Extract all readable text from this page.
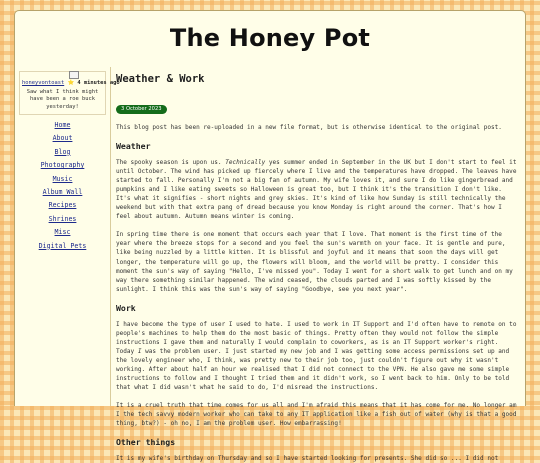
The Honey Pot
honeyvontoast ⭐ 4 minutes ago
Saw what I think might have been a roe buck yesterday!
Home
About
Blog
Photography
Music
Album Wall
Recipes
Shrines
Misc
Digital Pets
Weather & Work
3 October 2023

This blog post has been re-uploaded in a new file format, but is otherwise identical to the original post.

Weather

The spooky season is upon us. Technically yes summer ended in September in the UK but I don't start to feel it until October. The wind has picked up fiercely where I live and the temperatures have dropped. The leaves have started to fall. Personally I'm not a big fan of autumn. My wife loves it, and sure I do like gingerbread and pumpkins and I like eating sweets so Halloween is great too, but I think it's the transition I don't like. It's what it signifies - short nights and grey skies. It's kind of like how Sunday is still technically the weekend but with that extra pang of dread because you know Monday is right around the corner. That's how I feel about autumn. Autumn means winter is coming.

In spring time there is one moment that occurs each year that I love. That moment is the first time of the year where the breeze stops for a second and you feel the sun's warmth on your face. It is gentle and pure, like being nuzzled by a little kitten. It is blissful and joyful and it means that soon the days will get longer, the temperature will go up, the flowers will bloom, and the world will be pretty. I consider this moment the sun's way of saying "Hello, I've missed you". Today I went for a short walk to get lunch and on my way there something similar happened. The wind ceased, the clouds parted and I was softly kissed by the sunlight. I think this was the sun's way of saying "Goodbye, see you next year".

Work

I have become the type of user I used to hate. I used to work in IT Support and I'd often have to remote on to people's machines to help them do the most basic of things. Pretty often they would not follow the simple instructions I gave them and naturally I would complain to coworkers, as is an IT Support worker's right. Today I was the problem user. I just started my new job and I was getting some access permissions set up and the lovely engineer who, I think, was pretty new to their job too, just couldn't figure out why it wasn't working. After about half an hour we realised that I did not connect to the VPN. He also gave me some simple instructions to follow and I thought I tried them and it didn't work, so I went back to him. Only to be told that what I did wasn't what he said to do, I'd misread the instructions.

It is a cruel truth that time comes for us all and I'm afraid this means that it has come for me. No longer am I the tech savvy modern worker who can take to any IT application like a fish out of water (why is that a good thing, btw?) - oh no, I am the problem user. How embarrassing!

Other things

It is my wife's birthday on Thursday and so I have started looking for presents. She did so ... I did not
